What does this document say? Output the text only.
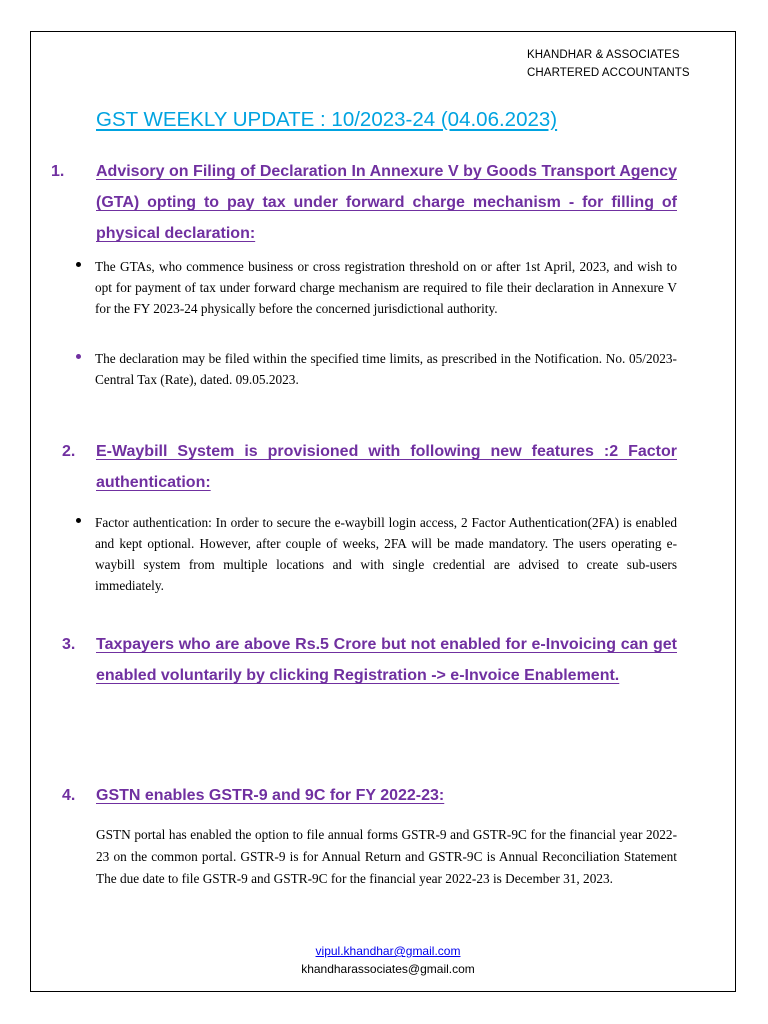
KHANDHAR & ASSOCIATES
CHARTERED ACCOUNTANTS
GST WEEKLY UPDATE : 10/2023-24 (04.06.2023)
1. Advisory on Filing of Declaration In Annexure V by Goods Transport Agency (GTA) opting to pay tax under forward charge mechanism - for filling of physical declaration:
The GTAs, who commence business or cross registration threshold on or after 1st April, 2023, and wish to opt for payment of tax under forward charge mechanism are required to file their declaration in Annexure V for the FY 2023-24 physically before the concerned jurisdictional authority.
The declaration may be filed within the specified time limits, as prescribed in the Notification. No. 05/2023-Central Tax (Rate), dated. 09.05.2023.
2. E-Waybill System is provisioned with following new features :2 Factor authentication:
Factor authentication: In order to secure the e-waybill login access, 2 Factor Authentication(2FA) is enabled and kept optional. However, after couple of weeks, 2FA will be made mandatory. The users operating e-waybill system from multiple locations and with single credential are advised to create sub-users immediately.
3. Taxpayers who are above Rs.5 Crore but not enabled for e-Invoicing can get enabled voluntarily by clicking Registration -> e-Invoice Enablement.
4. GSTN enables GSTR-9 and 9C for FY 2022-23:
GSTN portal has enabled the option to file annual forms GSTR-9 and GSTR-9C for the financial year 2022-23 on the common portal. GSTR-9 is for Annual Return and GSTR-9C is Annual Reconciliation Statement The due date to file GSTR-9 and GSTR-9C for the financial year 2022-23 is December 31, 2023.
vipul.khandhar@gmail.com
khandharassociates@gmail.com
